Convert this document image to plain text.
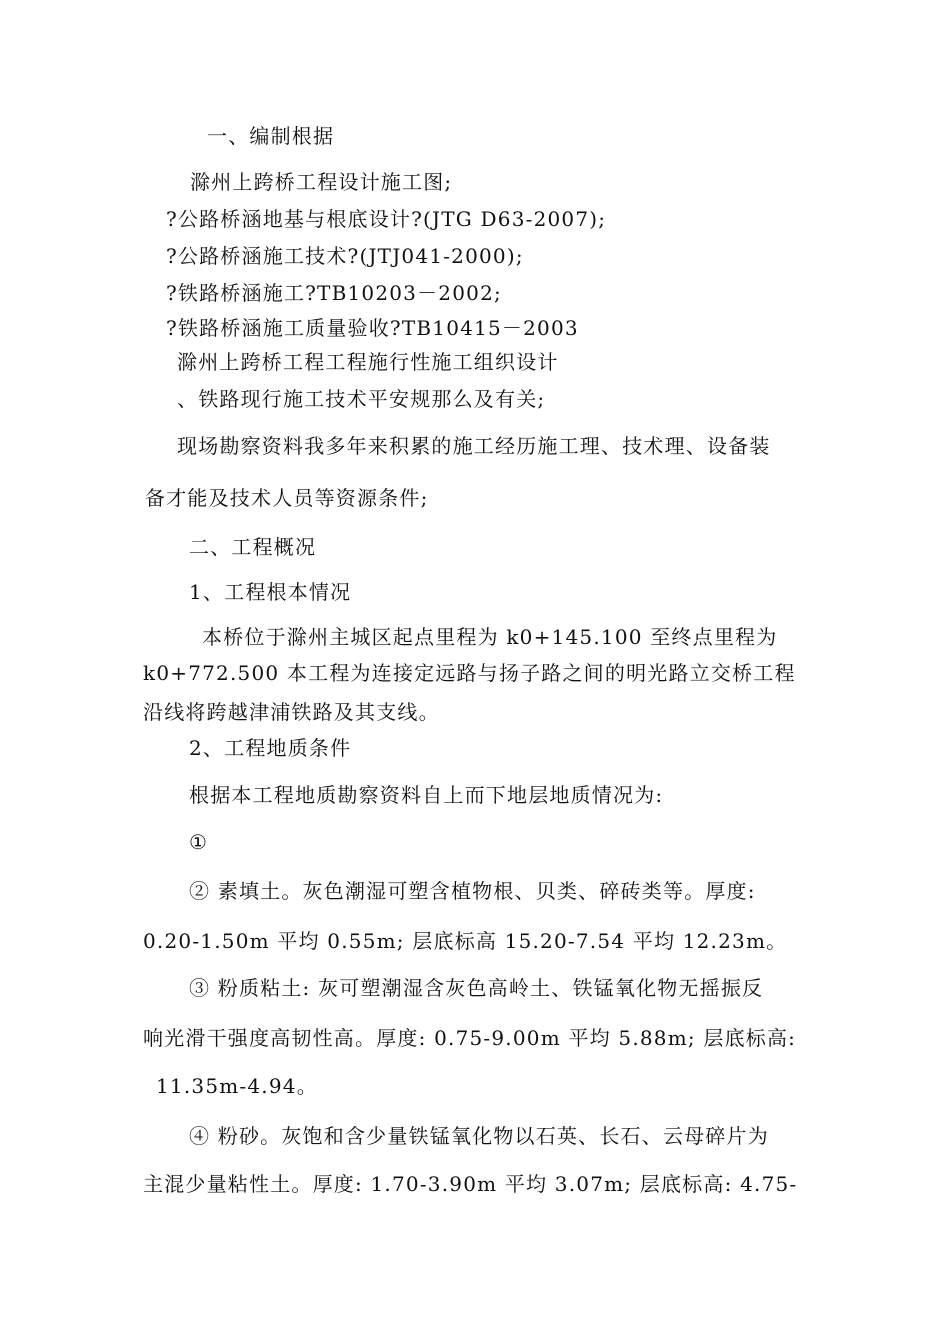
一、编制根据
滁州上跨桥工程设计施工图;
?公路桥涵地基与根底设计?(JTG D63-2007);
?公路桥涵施工技术?(JTJ041-2000);
?铁路桥涵施工?TB10203－2002;
?铁路桥涵施工质量验收?TB10415－2003
滁州上跨桥工程工程施行性施工组织设计
、铁路现行施工技术平安规那么及有关;
现场勘察资料我多年来积累的施工经历施工理、技术理、设备装
备才能及技术人员等资源条件;
二、工程概况
1、工程根本情况
本桥位于滁州主城区起点里程为 k0+145.100 至终点里程为
k0+772.500 本工程为连接定远路与扬子路之间的明光路立交桥工程
沿线将跨越津浦铁路及其支线。
2、工程地质条件
根据本工程地质勘察资料自上而下地层地质情况为:
①
② 素填土。灰色潮湿可塑含植物根、贝类、碎砖类等。厚度:
0.20-1.50m 平均 0.55m; 层底标高 15.20-7.54 平均 12.23m。
③ 粉质粘土: 灰可塑潮湿含灰色高岭土、铁锰氧化物无摇振反
响光滑干强度高韧性高。厚度: 0.75-9.00m 平均 5.88m; 层底标高:
11.35m-4.94。
④ 粉砂。灰饱和含少量铁锰氧化物以石英、长石、云母碎片为
主混少量粘性土。厚度: 1.70-3.90m 平均 3.07m; 层底标高: 4.75-
